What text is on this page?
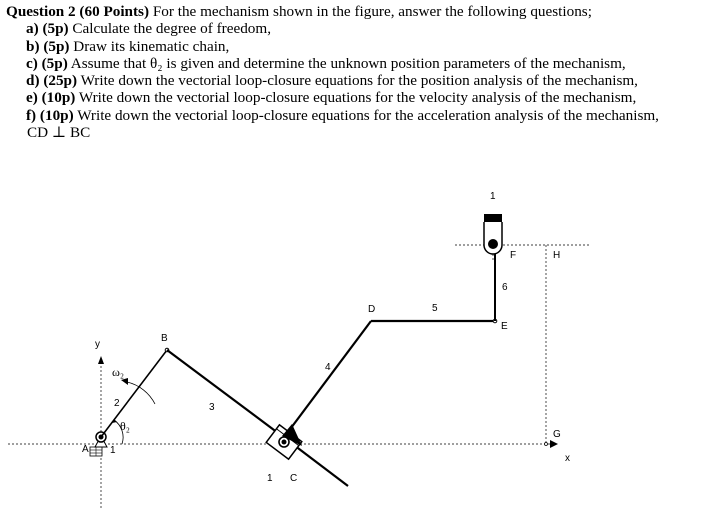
Question 2 (60 Points) For the mechanism shown in the figure, answer the following questions;
a) (5p) Calculate the degree of freedom,
b) (5p) Draw its kinematic chain,
c) (5p) Assume that θ₂ is given and determine the unknown position parameters of the mechanism,
d) (25p) Write down the vectorial loop-closure equations for the position analysis of the mechanism,
e) (10p) Write down the vectorial loop-closure equations for the velocity analysis of the mechanism,
f) (10p) Write down the vectorial loop-closure equations for the acceleration analysis of the mechanism,
CD ⊥ BC
A 1
y
x
ω₂
2
θ₂
B
3
4
1 C
D	5
E
6
F
1
H
G
